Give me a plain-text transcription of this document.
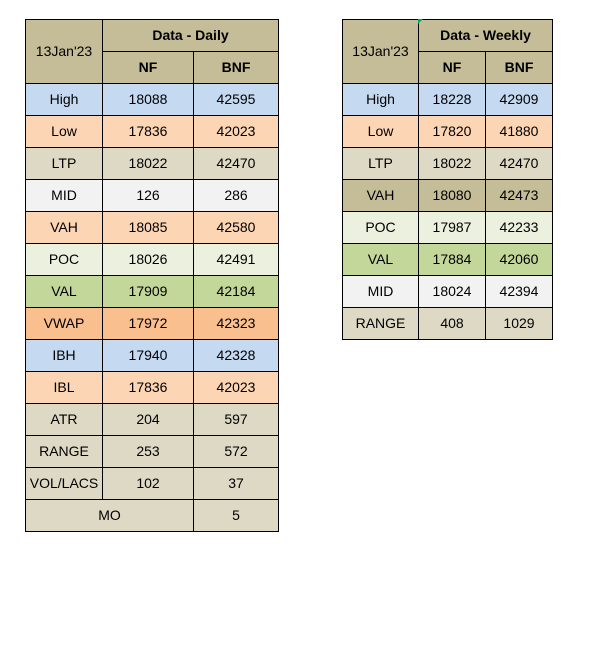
13Jan'23	Data - Daily	
	NF	BNF
High	18088	42595
Low	17836	42023
LTP	18022	42470
MID	126	286
VAH	18085	42580
POC	18026	42491
VAL	17909	42184
VWAP	17972	42323
IBH	17940	42328
IBL	17836	42023
ATR	204	597
RANGE	253	572
VOL/LACS	102	37
MO		5
13Jan'23	Data - Weekly	
	NF	BNF
High	18228	42909
Low	17820	41880
LTP	18022	42470
VAH	18080	42473
POC	17987	42233
VAL	17884	42060
MID	18024	42394
RANGE	408	1029
